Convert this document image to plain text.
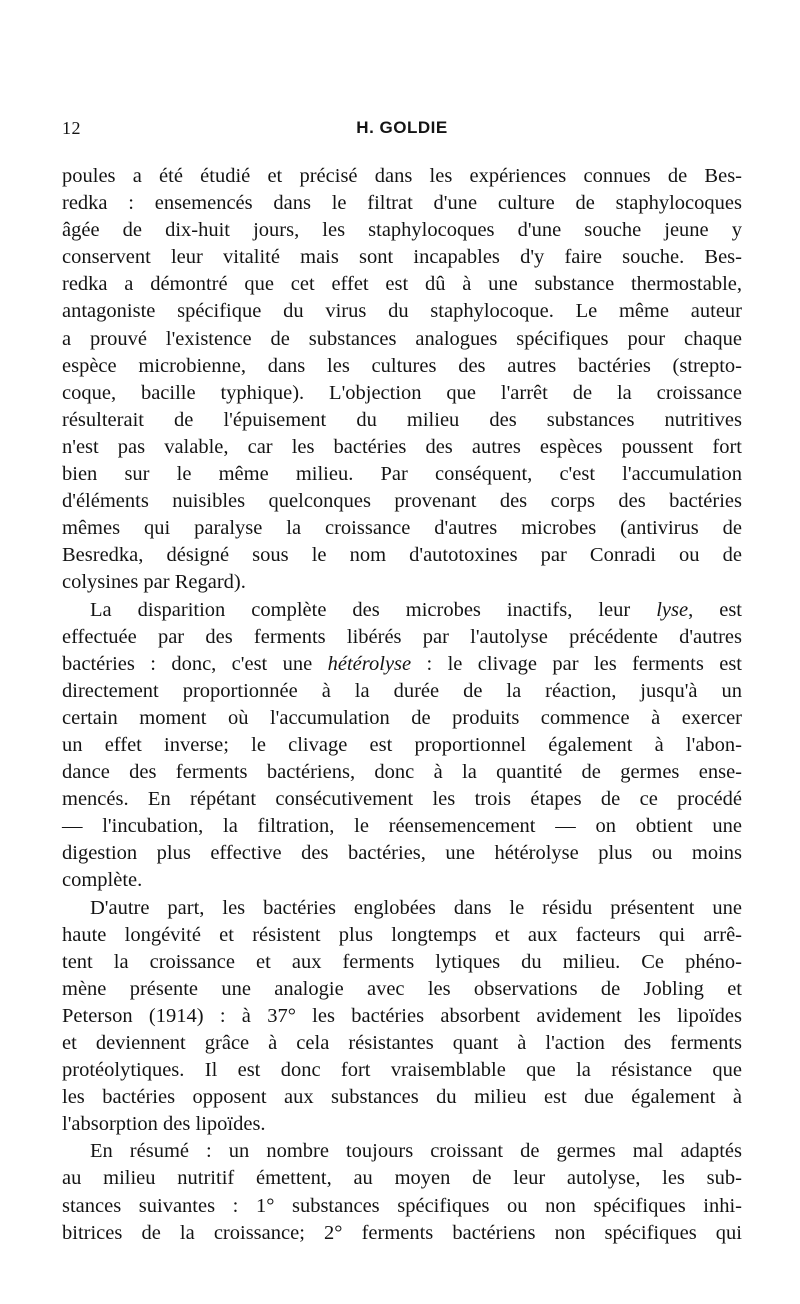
12	H. GOLDIE
poules a été étudié et précisé dans les expériences connues de Bes-
redka : ensemencés dans le filtrat d'une culture de staphylocoques
âgée de dix-huit jours, les staphylocoques d'une souche jeune y
conservent leur vitalité mais sont incapables d'y faire souche. Bes-
redka a démontré que cet effet est dû à une substance thermostable,
antagoniste spécifique du virus du staphylocoque. Le même auteur
a prouvé l'existence de substances analogues spécifiques pour chaque
espèce microbienne, dans les cultures des autres bactéries (strepto-
coque, bacille typhique). L'objection que l'arrêt de la croissance
résulterait de l'épuisement du milieu des substances nutritives
n'est pas valable, car les bactéries des autres espèces poussent fort
bien sur le même milieu. Par conséquent, c'est l'accumulation
d'éléments nuisibles quelconques provenant des corps des bactéries
mêmes qui paralyse la croissance d'autres microbes (antivirus de
Besredka, désigné sous le nom d'autotoxines par Conradi ou de
colysines par Regard).
La disparition complète des microbes inactifs, leur lyse, est
effectuée par des ferments libérés par l'autolyse précédente d'autres
bactéries : donc, c'est une hétérolyse : le clivage par les ferments est
directement proportionnée à la durée de la réaction, jusqu'à un
certain moment où l'accumulation de produits commence à exercer
un effet inverse; le clivage est proportionnel également à l'abon-
dance des ferments bactériens, donc à la quantité de germes ense-
mencés. En répétant consécutivement les trois étapes de ce procédé
— l'incubation, la filtration, le réensemencement — on obtient une
digestion plus effective des bactéries, une hétérolyse plus ou moins
complète.
D'autre part, les bactéries englobées dans le résidu présentent une
haute longévité et résistent plus longtemps et aux facteurs qui arrê-
tent la croissance et aux ferments lytiques du milieu. Ce phéno-
mène présente une analogie avec les observations de Jobling et
Peterson (1914) : à 37° les bactéries absorbent avidement les lipoïdes
et deviennent grâce à cela résistantes quant à l'action des ferments
protéolytiques. Il est donc fort vraisemblable que la résistance que
les bactéries opposent aux substances du milieu est due également à
l'absorption des lipoïdes.
En résumé : un nombre toujours croissant de germes mal adaptés
au milieu nutritif émettent, au moyen de leur autolyse, les sub-
stances suivantes : 1° substances spécifiques ou non spécifiques inhi-
bitrices de la croissance; 2° ferments bactériens non spécifiques qui
